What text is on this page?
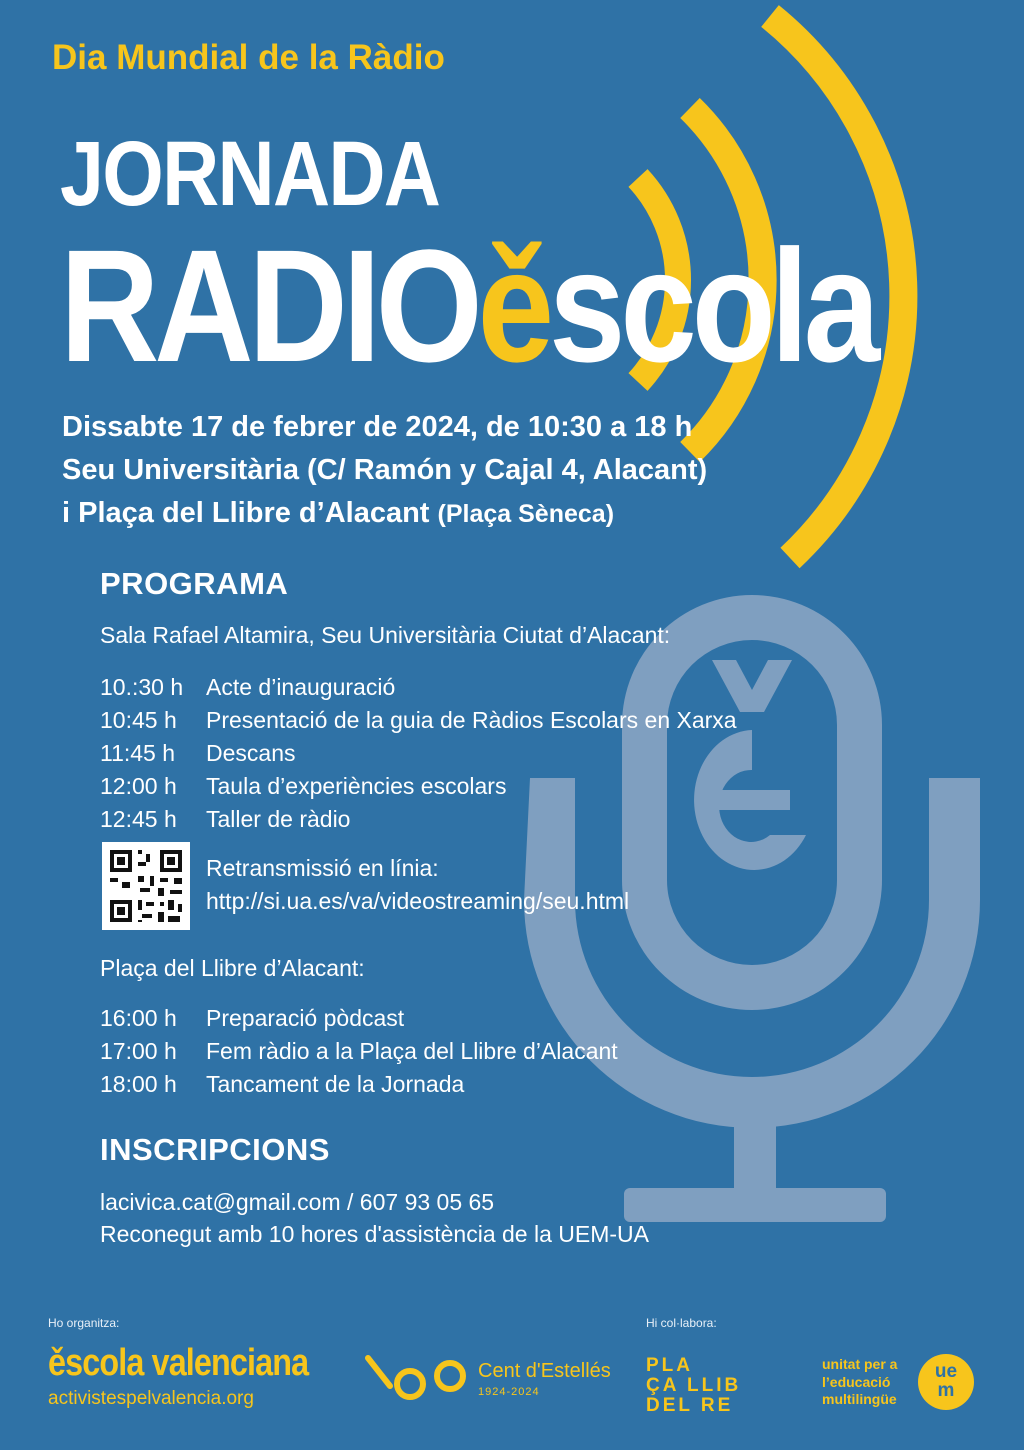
Dia Mundial de la Ràdio
JORNADA
RADIOěscola
Dissabte 17 de febrer de 2024, de 10:30 a 18 h
Seu Universitària (C/ Ramón y Cajal 4, Alacant)
i Plaça del Llibre d’Alacant (Plaça Sèneca)
PROGRAMA
Sala Rafael Altamira, Seu Universitària Ciutat d’Alacant:
10.:30 h Acte d’inauguració
10:45 h Presentació de la guia de Ràdios Escolars en Xarxa
11:45 h Descans
12:00 h Taula d’experiències escolars
12:45 h Taller de ràdio
Retransmissió en línia:
http://si.ua.es/va/videostreaming/seu.html
Plaça del Llibre d’Alacant:
16:00 h Preparació pòdcast
17:00 h Fem ràdio a la Plaça del Llibre d’Alacant
18:00 h Tancament de la Jornada
INSCRIPCIONS
lacivica.cat@gmail.com / 607 93 05 65
Reconegut amb 10 hores d'assistència de la UEM-UA
Ho organitza:
ěscola valenciana
activistespelvalencia.org
Cent d'Estellés
1924-2024
Hi col·labora:
PLA
ÇA LLIB
DEL RE
unitat per a
l’educació
multilingüe
ue
m
